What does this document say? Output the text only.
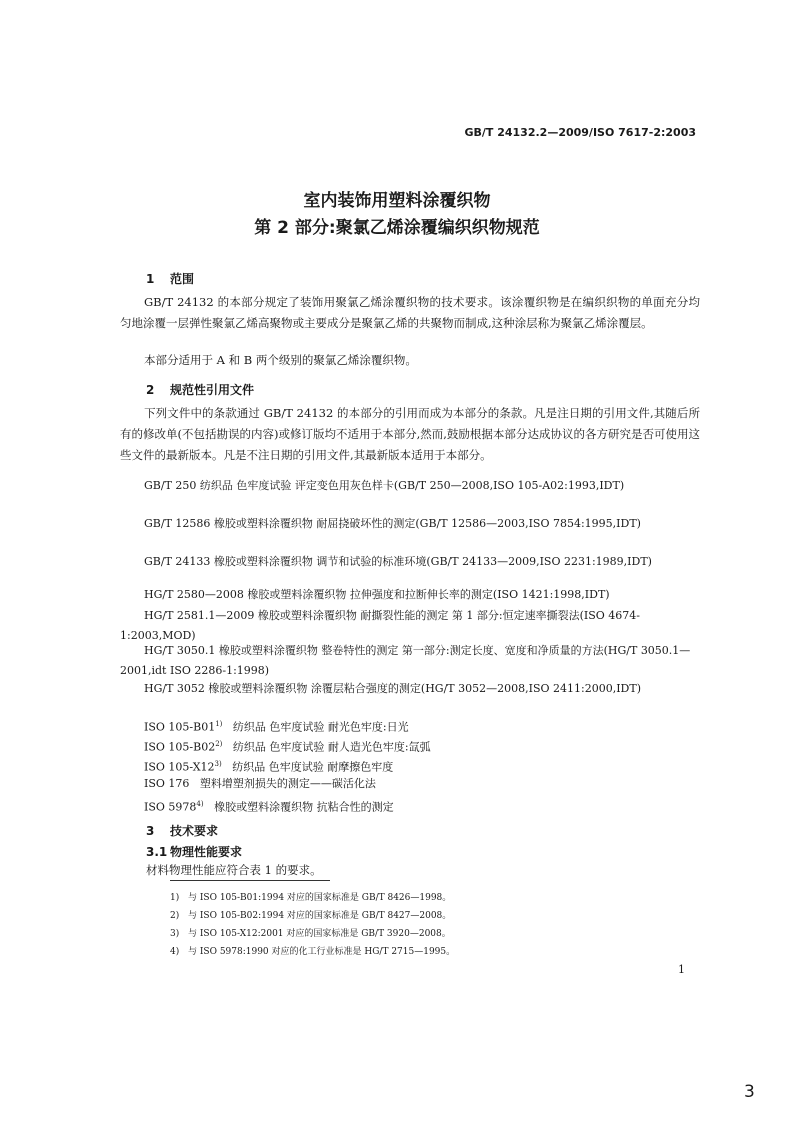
GB/T 24132.2—2009/ISO 7617-2:2003
室内装饰用塑料涂覆织物
第 2 部分:聚氯乙烯涂覆编织织物规范
1 范围
GB/T 24132 的本部分规定了装饰用聚氯乙烯涂覆织物的技术要求。该涂覆织物是在编织织物的单面充分均匀地涂覆一层弹性聚氯乙烯高聚物或主要成分是聚氯乙烯的共聚物而制成,这种涂层称为聚氯乙烯涂覆层。
本部分适用于 A 和 B 两个级别的聚氯乙烯涂覆织物。
2 规范性引用文件
下列文件中的条款通过 GB/T 24132 的本部分的引用而成为本部分的条款。凡是注日期的引用文件,其随后所有的修改单(不包括勘误的内容)或修订版均不适用于本部分,然而,鼓励根据本部分达成协议的各方研究是否可使用这些文件的最新版本。凡是不注日期的引用文件,其最新版本适用于本部分。
GB/T 250 纺织品 色牢度试验 评定变色用灰色样卡(GB/T 250—2008,ISO 105-A02:1993,IDT)
GB/T 12586 橡胶或塑料涂覆织物 耐屈挠破坏性的测定(GB/T 12586—2003,ISO 7854:1995,IDT)
GB/T 24133 橡胶或塑料涂覆织物 调节和试验的标准环境(GB/T 24133—2009,ISO 2231:1989,IDT)
HG/T 2580—2008 橡胶或塑料涂覆织物 拉伸强度和拉断伸长率的测定(ISO 1421:1998,IDT)
HG/T 2581.1—2009 橡胶或塑料涂覆织物 耐撕裂性能的测定 第 1 部分:恒定速率撕裂法(ISO 4674-1:2003,MOD)
HG/T 3050.1 橡胶或塑料涂覆织物 整卷特性的测定 第一部分:测定长度、宽度和净质量的方法(HG/T 3050.1—2001,idt ISO 2286-1:1998)
HG/T 3052 橡胶或塑料涂覆织物 涂覆层粘合强度的测定(HG/T 3052—2008,ISO 2411:2000,IDT)
ISO 105-B01$^{1)}$ 纺织品 色牢度试验 耐光色牢度:日光
ISO 105-B02$^{2)}$ 纺织品 色牢度试验 耐人造光色牢度:氙弧
ISO 105-X12$^{3)}$ 纺织品 色牢度试验 耐摩擦色牢度
ISO 176 塑料增塑剂损失的测定——碳活化法
ISO 5978$^{4)}$ 橡胶或塑料涂覆织物 抗粘合性的测定
3 技术要求
3.1 物理性能要求
材料物理性能应符合表 1 的要求。
1) 与 ISO 105-B01:1994 对应的国家标准是 GB/T 8426—1998。
2) 与 ISO 105-B02:1994 对应的国家标准是 GB/T 8427—2008。
3) 与 ISO 105-X12:2001 对应的国家标准是 GB/T 3920—2008。
4) 与 ISO 5978:1990 对应的化工行业标准是 HG/T 2715—1995。
1
3
